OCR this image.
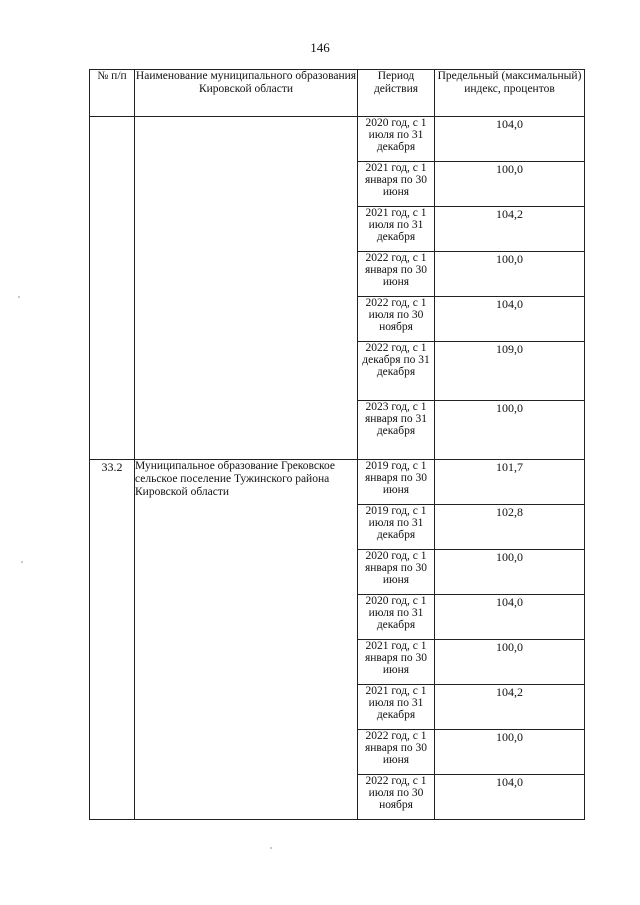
146
№ п/п	Наименование муниципального образования Кировской области	Период действия	Предельный (максимальный) индекс, процентов
		2020 год, с 1 июля по 31 декабря	104,0
		2021 год, с 1 января по 30 июня	100,0
		2021 год, с 1 июля по 31 декабря	104,2
		2022 год, с 1 января по 30 июня	100,0
		2022 год, с 1 июля по 30 ноября	104,0
		2022 год, с 1 декабря по 31 декабря	109,0
		2023 год, с 1 января по 31 декабря	100,0
33.2	Муниципальное образование Грековское сельское поселение Тужинского района Кировской области	2019 год, с 1 января по 30 июня	101,7
		2019 год, с 1 июля по 31 декабря	102,8
		2020 год, с 1 января по 30 июня	100,0
		2020 год, с 1 июля по 31 декабря	104,0
		2021 год, с 1 января по 30 июня	100,0
		2021 год, с 1 июля по 31 декабря	104,2
		2022 год, с 1 января по 30 июня	100,0
		2022 год, с 1 июля по 30 ноября	104,0
